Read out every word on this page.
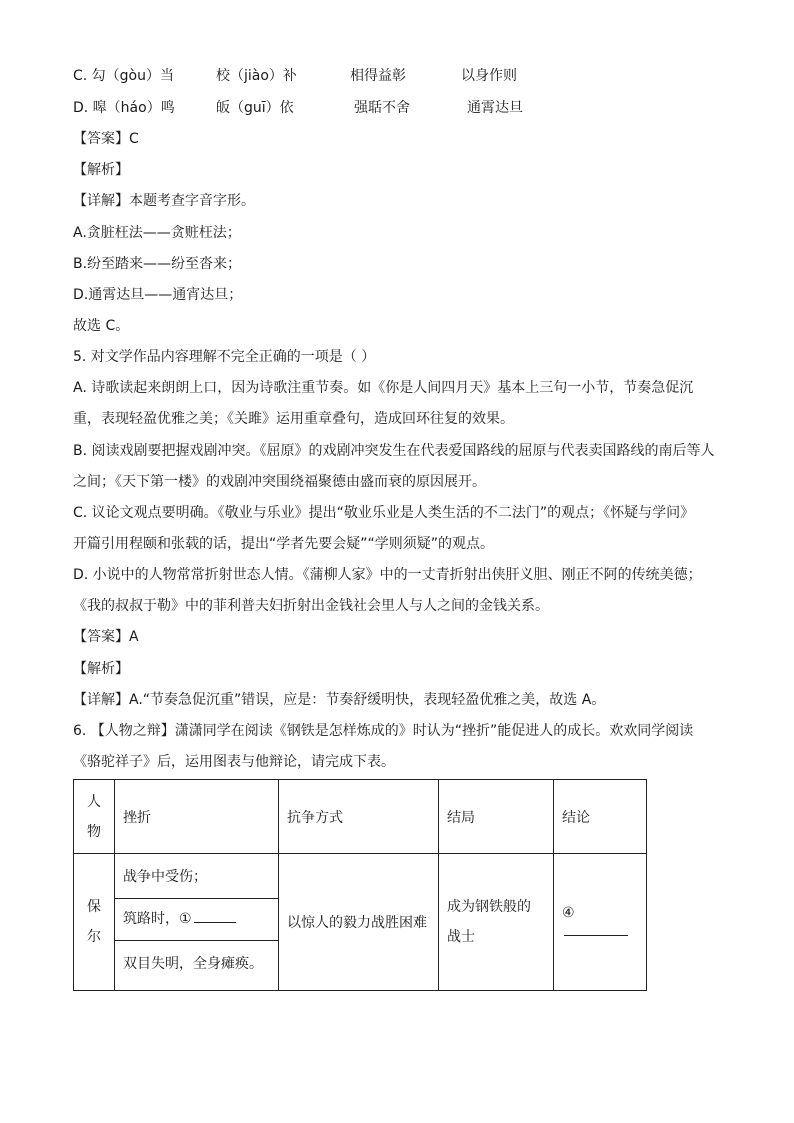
C. 勾（gòu）当	校（jiào）补	相得益彰	以身作则
D. 嗥（háo）鸣	皈（guī）依	强聒不舍	通霄达旦
【答案】C
【解析】
【详解】本题考查字音字形。
A.贪脏枉法——贪赃枉法；
B.纷至踏来——纷至沓来；
D.通霄达旦——通宵达旦；
故选 C。
5. 对文学作品内容理解不完全正确的一项是（ ）
A. 诗歌读起来朗朗上口，因为诗歌注重节奏。如《你是人间四月天》基本上三句一小节，节奏急促沉
重，表现轻盈优雅之美；《关雎》运用重章叠句，造成回环往复的效果。
B. 阅读戏剧要把握戏剧冲突。《屈原》的戏剧冲突发生在代表爱国路线的屈原与代表卖国路线的南后等人
之间；《天下第一楼》的戏剧冲突围绕福聚德由盛而衰的原因展开。
C. 议论文观点要明确。《敬业与乐业》提出“敬业乐业是人类生活的不二法门”的观点；《怀疑与学问》
开篇引用程颐和张载的话，提出“学者先要会疑”“学则须疑”的观点。
D. 小说中的人物常常折射世态人情。《蒲柳人家》中的一丈青折射出侠肝义胆、刚正不阿的传统美德；
《我的叔叔于勒》中的菲利普夫妇折射出金钱社会里人与人之间的金钱关系。
【答案】A
【解析】
【详解】A.“节奏急促沉重”错误，应是：节奏舒缓明快，表现轻盈优雅之美，故选 A。
6. 【人物之辩】潇潇同学在阅读《钢铁是怎样炼成的》时认为“挫折”能促进人的成长。欢欢同学阅读
《骆驼祥子》后，运用图表与他辩论，请完成下表。
人物	挫折	抗争方式	结局	结论
保尔	战争中受伤；
筑路时，①
双目失明，全身瘫痪。	以惊人的毅力战胜困难	成为钢铁般的战士	④
